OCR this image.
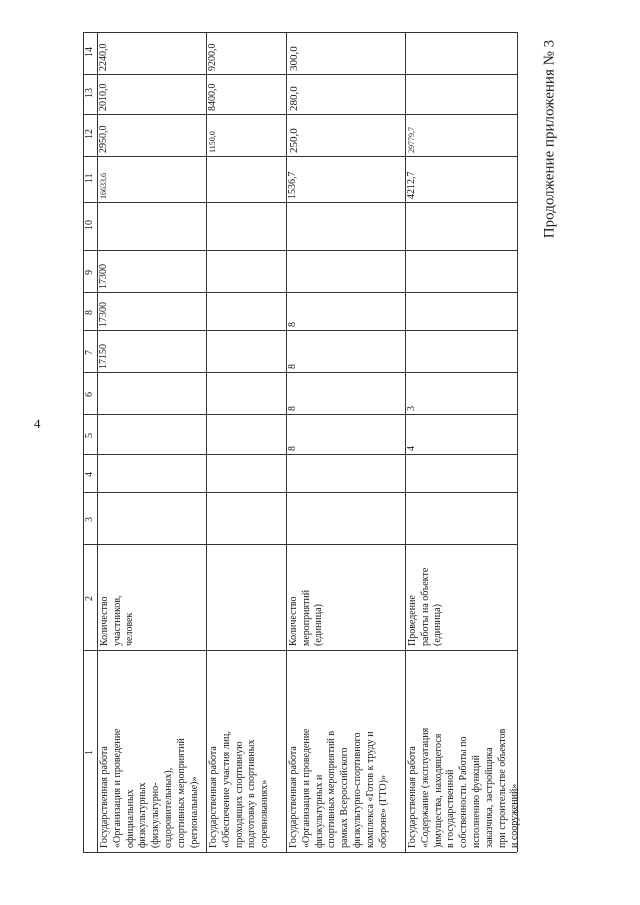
4
Продолжение приложения № 3
1
2
3
4
5
6
7
8
9
10
11
12
13
14
Государственная работа «Организация и проведение официальных физкультурных (физкультурно- оздоровительных), спортивных мероприятий (региональные)»
Количество участников, человек
17150
17300
17300
16633,6
2950,0
2010,0
2240,0
Государственная работа «Обеспечение участия лиц, проходящих спортивную подготовку в спортивных соревнованиях»
1150,0
8400,0
9200,0
Государственная работа «Организация и проведение физкультурных и спортивных мероприятий в рамках Всероссийского физкультурно-спортивного комплекса «Готов к труду и обороне» (ГТО)»
Количество мероприятий (единица)
8
8
8
8
1536,7
250,0
280,0
300,0
Государственная работа «Содержание (эксплуатация )имущества, находящегося в государственной собственности. Работы по исполнению функций заказчика, застройщика при строительстве объектов и сооружений»
Проведение работы на объекте (единица)
4
3
4212,7
29779,7
